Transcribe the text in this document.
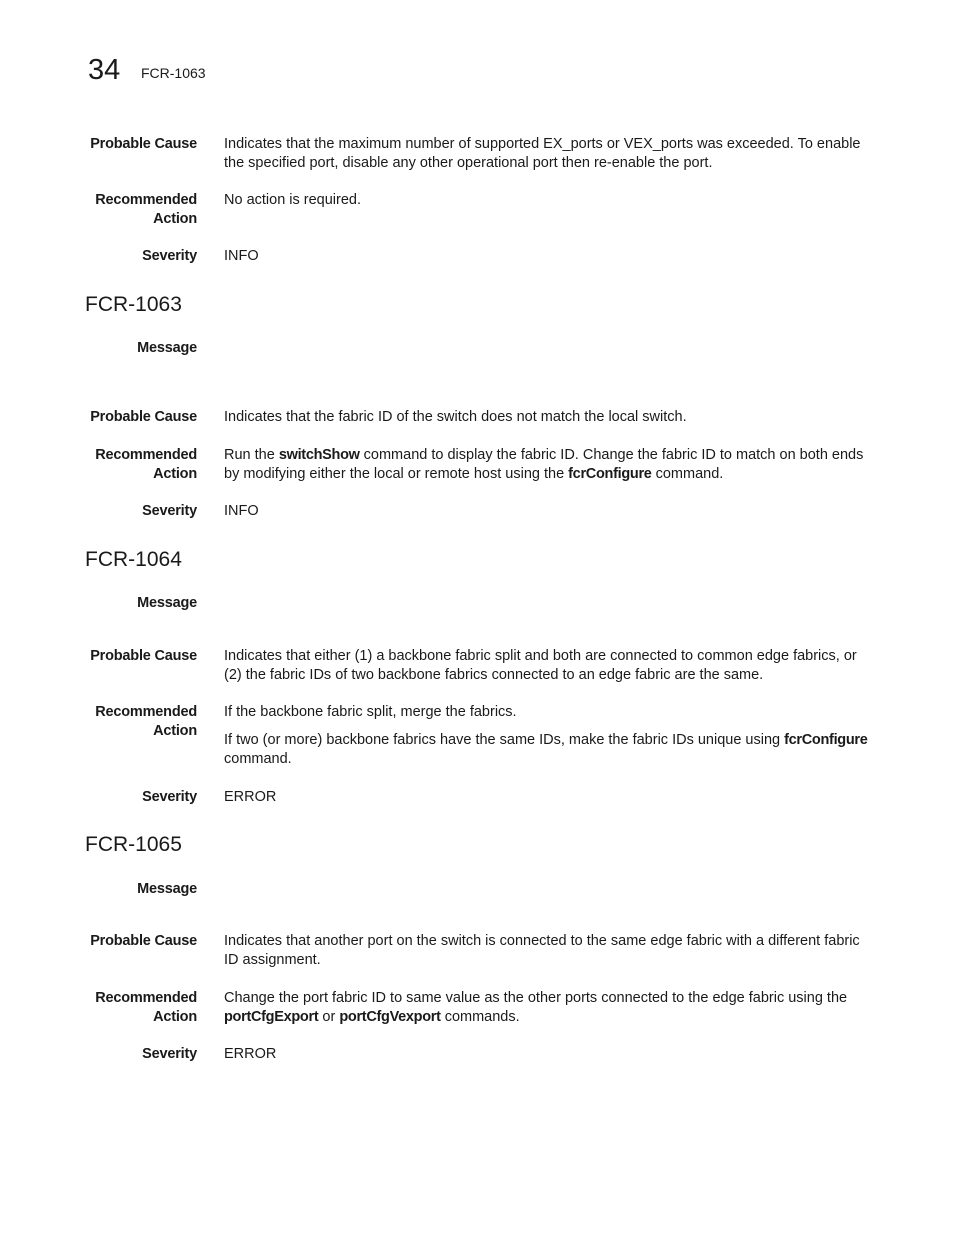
34 FCR-1063
Probable Cause Indicates that the maximum number of supported EX_ports or VEX_ports was exceeded. To enable the specified port, disable any other operational port then re-enable the port.
Recommended
Action
No action is required.
Severity INFO
FCR-1063
Message
Probable Cause Indicates that the fabric ID of the switch does not match the local switch.
Recommended
Action
Run the switchShow command to display the fabric ID. Change the fabric ID to match on both ends by modifying either the local or remote host using the fcrConfigure command.
Severity INFO
FCR-1064
Message
Probable Cause Indicates that either (1) a backbone fabric split and both are connected to common edge fabrics, or (2) the fabric IDs of two backbone fabrics connected to an edge fabric are the same.
Recommended
Action
If the backbone fabric split, merge the fabrics.
If two (or more) backbone fabrics have the same IDs, make the fabric IDs unique using fcrConfigure command.
Severity ERROR
FCR-1065
Message
Probable Cause Indicates that another port on the switch is connected to the same edge fabric with a different fabric ID assignment.
Recommended
Action
Change the port fabric ID to same value as the other ports connected to the edge fabric using the portCfgExport or portCfgVexport commands.
Severity ERROR
